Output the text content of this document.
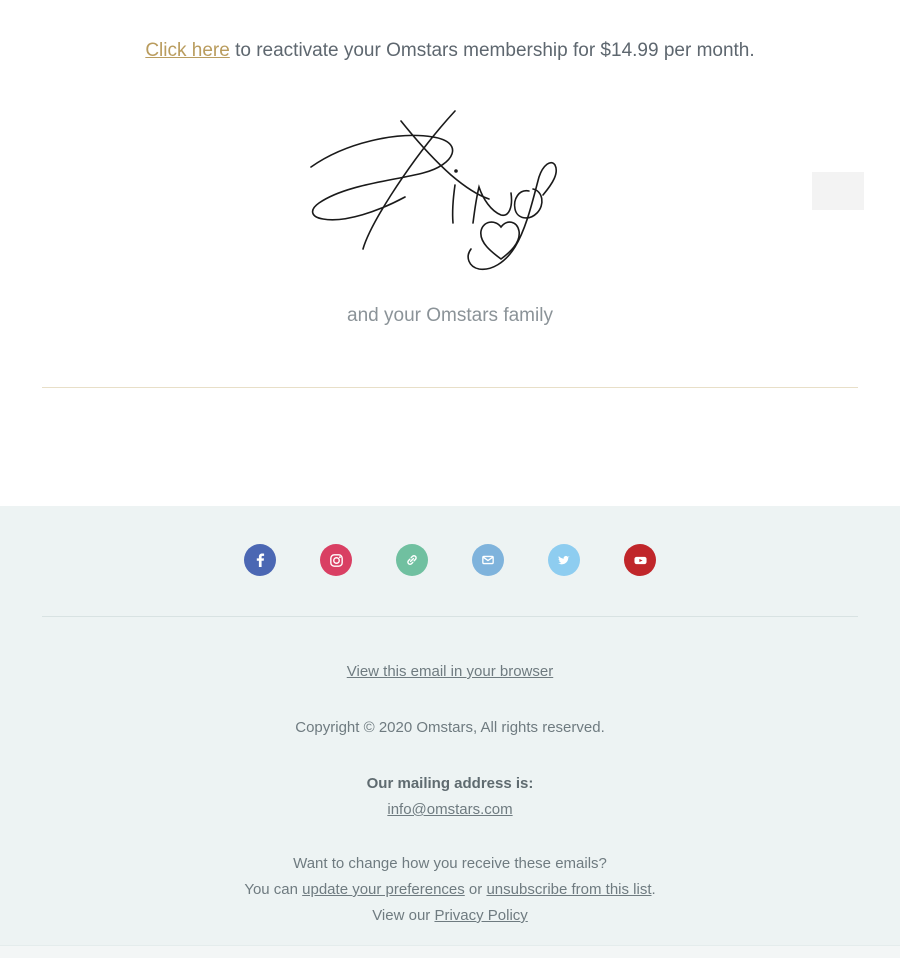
Click here to reactivate your Omstars membership for $14.99 per month.

and your Omstars family
View this email in your browser
Copyright © 2020 Omstars, All rights reserved.
Our mailing address is:
info@omstars.com
Want to change how you receive these emails?
You can update your preferences or unsubscribe from this list.
View our Privacy Policy
